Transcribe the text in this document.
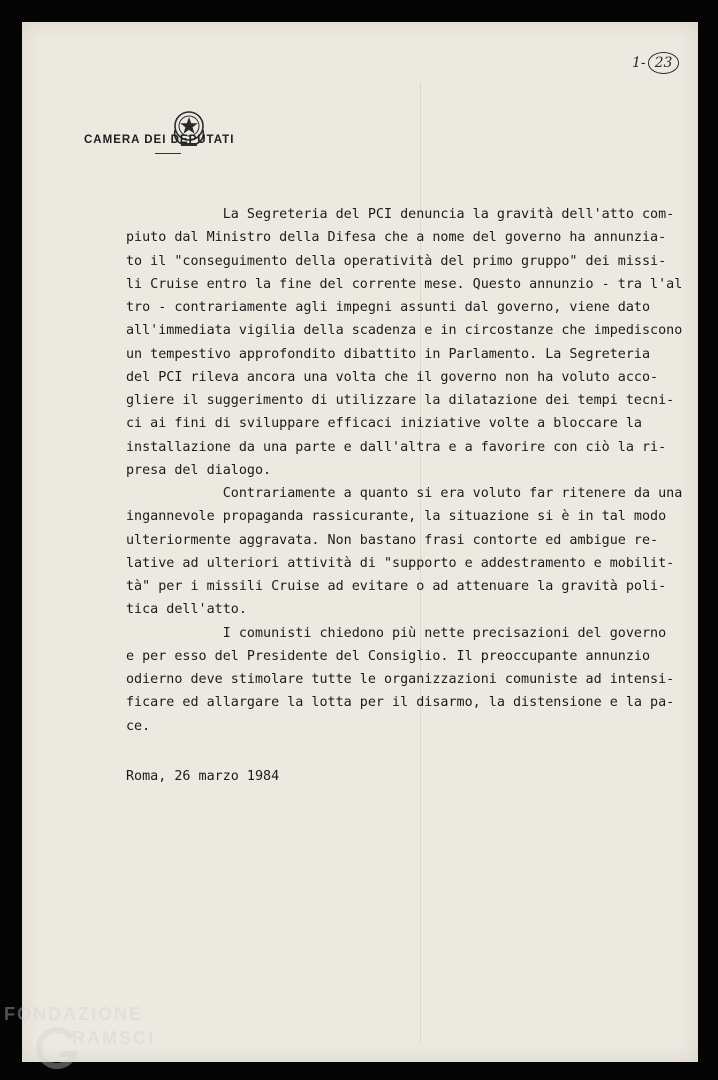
CAMERA DEI DEPUTATI
1- 23
La Segreteria del PCI denuncia la gravità dell'atto com-
piuto dal Ministro della Difesa che a nome del governo ha annunzia-
to il "conseguimento della operatività del primo gruppo" dei missi-
li Cruise entro la fine del corrente mese. Questo annunzio - tra l'al
tro - contrariamente agli impegni assunti dal governo, viene dato
all'immediata vigilia della scadenza e in circostanze che impediscono
un tempestivo approfondito dibattito in Parlamento. La Segreteria
del PCI rileva ancora una volta che il governo non ha voluto acco-
gliere il suggerimento di utilizzare la dilatazione dei tempi tecni-
ci ai fini di sviluppare efficaci iniziative volte a bloccare la
installazione da una parte e dall'altra e a favorire con ciò la ri-
presa del dialogo.
Contrariamente a quanto si era voluto far ritenere da una
ingannevole propaganda rassicurante, la situazione si è in tal modo
ulteriormente aggravata. Non bastano frasi contorte ed ambigue re-
lative ad ulteriori attività di "supporto e addestramento e mobilit-
tà" per i missili Cruise ad evitare o ad attenuare la gravità poli-
tica dell'atto.
I comunisti chiedono più nette precisazioni del governo
e per esso del Presidente del Consiglio. Il preoccupante annunzio
odierno deve stimolare tutte le organizzazioni comuniste ad intensi-
ficare ed allargare la lotta per il disarmo, la distensione e la pa-
ce.
Roma, 26 marzo 1984
FONDAZIONE
RAMSCI
